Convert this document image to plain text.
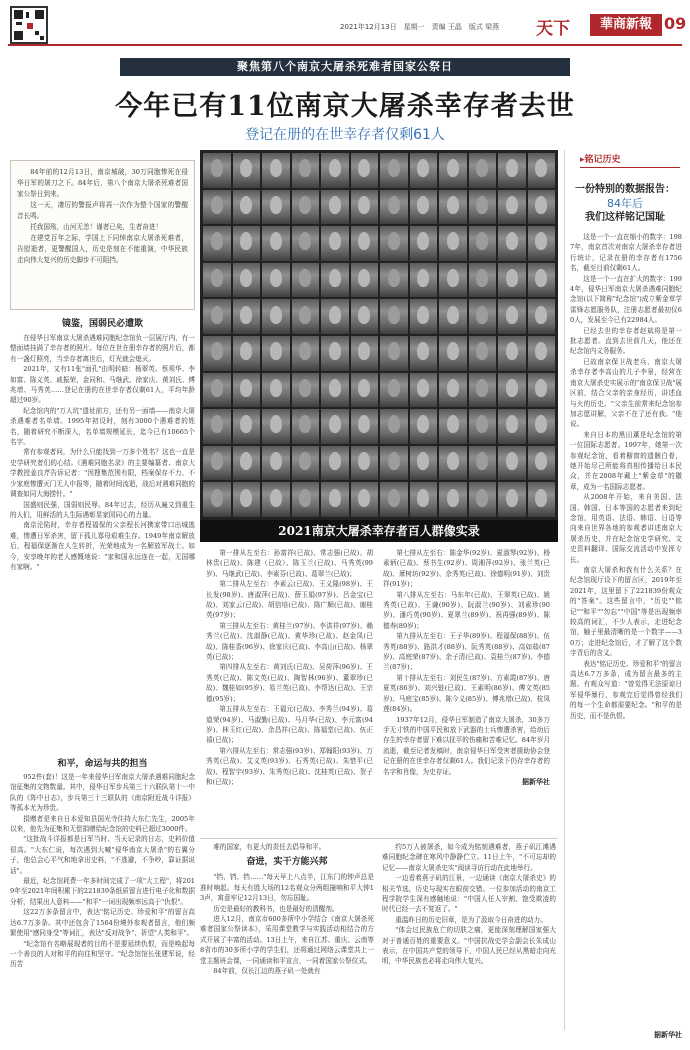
2021年12月13日　星期一　责编 王晶　版式 梁燕 天下	華商新報 09
聚焦第八个南京大屠杀死难者国家公祭日
今年已有11位南京大屠杀幸存者去世
登记在册的在世幸存者仅剩61人

84年前的12月13日，南京城破，30万同胞惨死在侵华日军的屠刀之下。84年后，第八个南京大屠杀死难者国家公祭日到来。

这一天，凄厉的警报声将再一次作为整个国家的警醒音长鸣。

托我国殇，山河无恙！谨者已矣，生者奋进！

在建党百年之际，学国上下同悼南京大屠杀死难者，告慰逝者，更警醒国人，历史是刻在不能重演，中华民族走向伟大复兴的历史脚步不可阻挡。

镜鉴，国弱民必遭欺

在侵华日军南京大屠杀遇难同胞纪念馆负一层展厅内，有一整面墙挂满了幸存者的照片。每位在世在册幸存者的照片后，都有一盏灯照亮，当幸存者离世后，灯光就会熄灭。

2021年，又有11张"面孔"由明转暗：杨翠英、蔡须华、李如富、陈义英、戚振荣、金同和、马继武、徐家庆、黄刘氏、傅兆增、马秀英……登记在册的在世幸存者仅剩61人，平均年龄超过90岁。

纪念馆内的"万人坑"遗址前方，还有另一面墙——南京大屠杀遇难者名单墙。1995年初设时，刻有3000个遇难者的姓名，随着研究不断深入，名单墙规模延长，迄今已有10665个名字。

常有参观者问，为什么只能找到一万多个姓名？这也一直是史学研究者们的心结。《遇难同胞名录》的主要编纂者、南京大学教授姜良芹告诉记者："因搜集范围有限，档案保存不力、不少家庭惨遭灭门无人申报等，随着时间流逝，战后对遇难同胞的调查如同大海捞针。"

国盛则民强，国弱则民辱。84年过去，经历从遍文到重生的人们，用鲜活的人生际遇彰显家园同心的力量。

南京沦陷时，幸存者程福保的父亲程长河携家带口出城逃难，惨遭日军杀害，留下孤儿寡母艰难生存。1949年南京解放后，程福保逐渐在人生转折，光荣地成为一名解放军战士。如今，安享晚年的老人感慨地说："家和国永远连在一起，无国哪有家啊。"

和平，命运与共的担当

952件(套)！这是一年来侵华日军南京大屠杀遇难同胞纪念馆征集的文物数量。其中，侵华日军步兵第三十六联队第十一中队的《阵中日志》，步兵第三十三联队的《南京附近战斗详报》等孤本尤为珍贵。

捐赠者是来自日本爱知县国光寺住持大东仁先生，2005年以来，他先为征集和无偿捐赠给纪念馆的史料已超过3000件。

"这批战斗详报都是日军当时、当天记录的日志，史料价值很高。"大东仁说，每次遇到大喊"侵华南京大屠杀"的右翼分子，他总会心平气和地拿出史料，"不逃避，不争吵，靠证据说话"。

最近，纪念馆耗费一年多时间完成了一项"大工程"，将2019年至2021年间积累下的221839条纸质留言进行电子化和数据分析，结果出人意料——"和平"一词出现频率远高于"仇恨"。

这22万多条留言中，表达"铭记历史、珍爱和平"的留言高达6.7万多条。其中还包含了1564份境外参观者留言，他们频繁使用"感同身受"等词汇，表达"反对战争"、祈望"人类和平"。

"纪念馆有名略展现者的目的不是要延续仇恨，而是唤起每一个善良的人对和平的向往和坚守。"纪念馆馆长张建军说，经历苦

2021南京大屠杀幸存者百人群像实录

第一排从左至右：孙富祥(已故)、常志强(已故)、胡林贵(已故)、陈建（已故）、陈玉兰(已故)、马秀英(99岁)、马继武(已故)、李素芬(已故)、葛翠兰(已故)；

第二排从左至右：李素云(已故)、王义隆(98岁)、王长发(98岁)、唐淑萍(已故)、薛玉娟(97岁)、吕金宝(已故)、刘家云(已故)、胡信培(已故)、陈广顺(已故)、谢桂英(97岁)；

第三排从左至右：黄桂兰(97岁)、李洪祥(97岁)、賴秀兰(已故)、沈淑静(已故)、黄华珍(已故)、赵金凤(已故)、陈桂香(96岁)、徐家庆(已故)、李高山(已故)、杨翠英(已故)；

第四排从左至右：黄刘氏(已故)、吴荷萍(96岁)、王秀英(已故)、陈文英(已故)、陶智林(96岁)、董翠珍(已故)、魏桂如(95岁)、易兰英(已故)、李帮达(已故)、王宗德(95岁)；

第五排从左至右：王福元(已故)、李秀兰(94岁)、葛道荣(94岁)、马淑勤(已故)、马月华(已故)、李元富(94岁)、林玉红(已故)、余昌祥(已故)、陈福堂(已故)、伍正禧(已故)；

第六排从左至右：常志强(93岁)、郑翰阳(93岁)、万秀英(已故)、艾义英(93岁)、石秀英(已故)、朱惜平(已故)、程智宇(93岁)、朱秀英(已故)、沈桂英(已故)、贺子和(已故)；

第七排从左至右：陈金华(92岁)、夏淑琴(92岁)、杨素炳(已故)、蔡书生(92岁)、周湘萍(92岁)、张兰英(已故)、萧树坊(92岁)、佘秀英(已故)、徐德明(91岁)、刘贵祥(91岁)；

第八排从左至右：马东年(已故)、王翠英(已故)、姚秀英(已故)、王谦(90岁)、阮淑兰(90岁)、刘素珍(90岁)、潘巧英(90岁)、夏翠兰(89岁)、祝再强(89岁)、陈德寿(89岁)；

第九排从左至右：王子华(89岁)、程福保(88岁)、伍秀英(88岁)、路洪才(88岁)、阮秀英(88岁)、高如茹(87岁)、高庭荣(87岁)、余子清(已故)、袁桂兰(87岁)、李德兰(87岁)；

第十排从左至右：刘民生(87岁)、方素霞(87岁)、唐夏英(86岁)、刘兴链(已故)、王素明(86岁)、傅文英(85岁)、马庭宝(85岁)、陈今义(85岁)、傅兆增(已故)、杭凤莲(84岁)。

1937年12月，侵华日军制造了南京大屠杀，30多万手无寸铁的中国平民和放下武器的士兵惨遭杀害，给幼后存生的幸存者留下难以抚平的伤痛和苦难记忆。84年岁月流逝，截至记者发稿时，南京侵华日军受害者援助协会登记在册的在世幸存者仅剩61人。我们记录下仍存幸存者的名字和肖像，为史存证。

据新华社

难的国家，有更大的责任去倡导和平。

奋进，实干方能兴邦

"铛、铛、铛……"每天早上八点半，江东门的钟声总是准时响起。每天有胜大场的12名观众分两组撞响和平大钟13声，寓意牢记12月13日，勿忘国耻。

历史是最好的教科书，也是最好的清醒剂。

进入12月，南京市600多所中小学结合《南京大屠杀死难者国家公祭读本》，采用课堂教学与实践活动相结合的方式开展了丰富的活动。13日上午，来自江苏、重庆、云南等8省市的30多所小学的学生们，还将通过网络云课堂共上一堂主题班会课，一同诵读和平宣言，一同着国家公祭仪式。

84年前，仅长江边的燕子矶一处就有

约5万人被屠杀，如今成为铭刻遇难者，燕子矶江滩遇难同胞纪念碑在寒风中静静伫立。11日上午，"不可忘却的记忆——南京大屠杀史实"阅读寻访行动在此地举行。

一边看着燕子矶的江景，一边诵读《南京大屠杀史》的相关节选，历史与现实在眼前交错。一位参加活动的南京工程学院学生深有感触地说："中国人任人宰割、饱受欺凌的时代已经一去不复返了。"

重温昨日的历史旧章，是为了汲取今日奋进的动力。

"体会过民族危亡的切肤之痛，更能深刻理解国家强大对于普通百姓的重要意义。"中国抗战史学会副会长朱成山表示，在中国共产党的领导下，中国人民已经从黑暗走向光明，中华民族也必将走向伟大复兴。

▸铭记历史
一份特别的数据报告：
84年后
我们这样铭记国耻

这是一个一直在缩小的数字：1987年，南京首次对南京大屠杀幸存者进行统计，记录在册的幸存者有1756名，截至目前仅剩61人。

这是一个一直在扩大的数字：1994年，侵华日军南京大屠杀遇难同胞纪念馆(以下简称"纪念馆")成立紫金草学雷锋志愿服务队，注册志愿者最初仅60人，发展至今已有22984人。

已经去世的幸存者赵斌将是第一批志愿者。直到去世前几天，他还在纪念馆内义务服务。

已故南京保卫战老兵、南京大屠杀幸存者李高山的儿子李景，经营在南京大屠杀史实展示的"南京保卫战"展区前，结合父亲的亲身经历，讲述血与火的历史。"父亲生前常来纪念馆参加志愿讲解，父亲不在了还有我。"他说。

来自日本的黑田薰是纪念馆的第一位国际志愿者。1997年，她第一次参观纪念馆，看着橱窗的遗骸白骨，她开始尽己所能将真相传播给日本民众，并在2008年戴上"紫金草"的徽章，成为一名国际志愿者。

从2008年开始，来自美国、法国、韩国、日本等国的志愿者来到纪念馆，用英语、法语、韩语、日语等向来自世界各地的参观者讲述南京大屠杀历史，并在纪念馆史学研究、文史资料翻译、国际交流活动中发挥专长。

南京大屠杀和我有什么关系？在纪念馆现厅设下的留言区，2019年至2021年，这里留下了221839份观众的"答案"。这些留言中，"历史""铭记""和平""勿忘""中国"等是出现频率较高的词汇，不少人表示，走进纪念馆，触子里最清晰的是一个数字——30万；走进纪念馆后，才了解了这个数字背后的含义。

表达"铭记历史、珍爱和平"的留言高达6.7万多条，成为留言最多的主题。有观众写道："曾觉得无法原谅日军侵华暴行，参观完后觉得曾经我们的每一个生命都需要纪念。"和平的是历史，而不是仇恨。

据新华社
